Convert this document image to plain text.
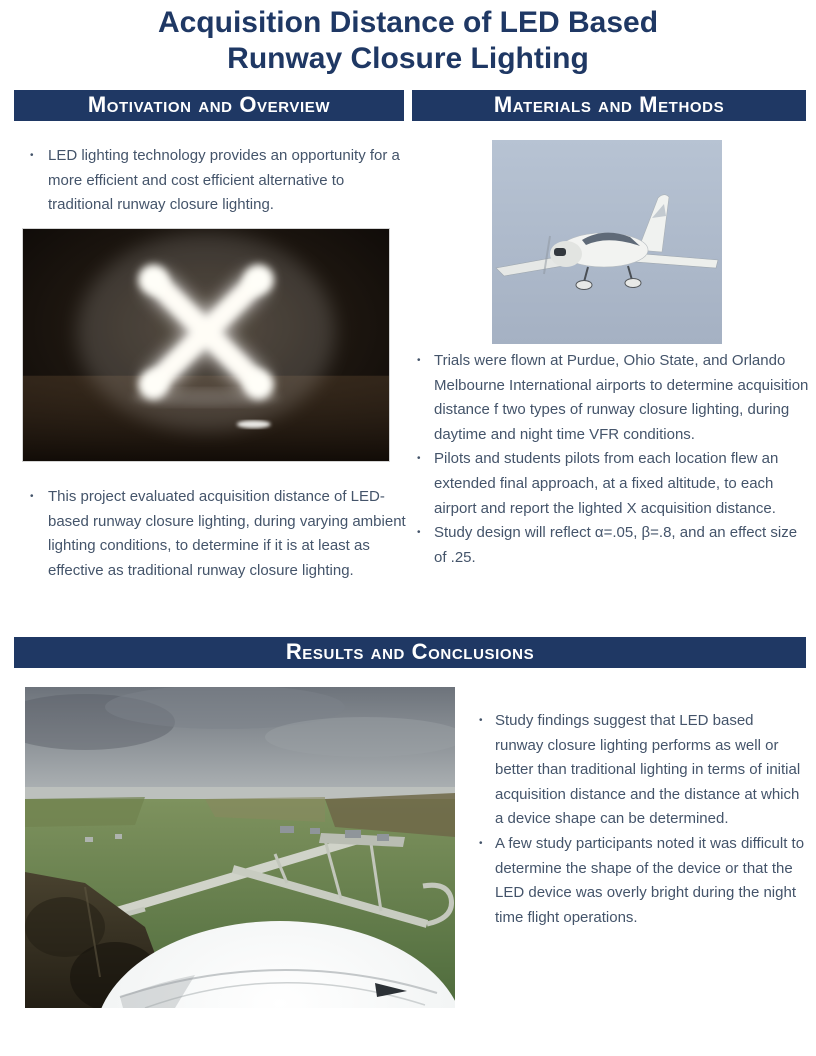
Acquisition Distance of LED Based
Runway Closure Lighting
Motivation and Overview	Materials and Methods
• LED lighting technology provides an opportunity for a more efficient and cost efficient alternative to traditional runway closure lighting.
• This project evaluated acquisition distance of LED-based runway closure lighting, during varying ambient lighting conditions, to determine if it is at least as effective as traditional runway closure lighting.
• Trials were flown at Purdue, Ohio State, and Orlando Melbourne International airports to determine acquisition distance f two types of runway closure lighting, during daytime and night time VFR conditions.
• Pilots and students pilots from each location flew an extended final approach, at a fixed altitude, to each airport and report the lighted X acquisition distance.
• Study design will reflect α=.05, β=.8, and an effect size of .25.
Results and Conclusions
• Study findings suggest that LED based runway closure lighting performs as well or better than traditional lighting in terms of initial acquisition distance and the distance at which a device shape can be determined.
• A few study participants noted it was difficult to determine the shape of the device or that the LED device was overly bright during the night time flight operations.
